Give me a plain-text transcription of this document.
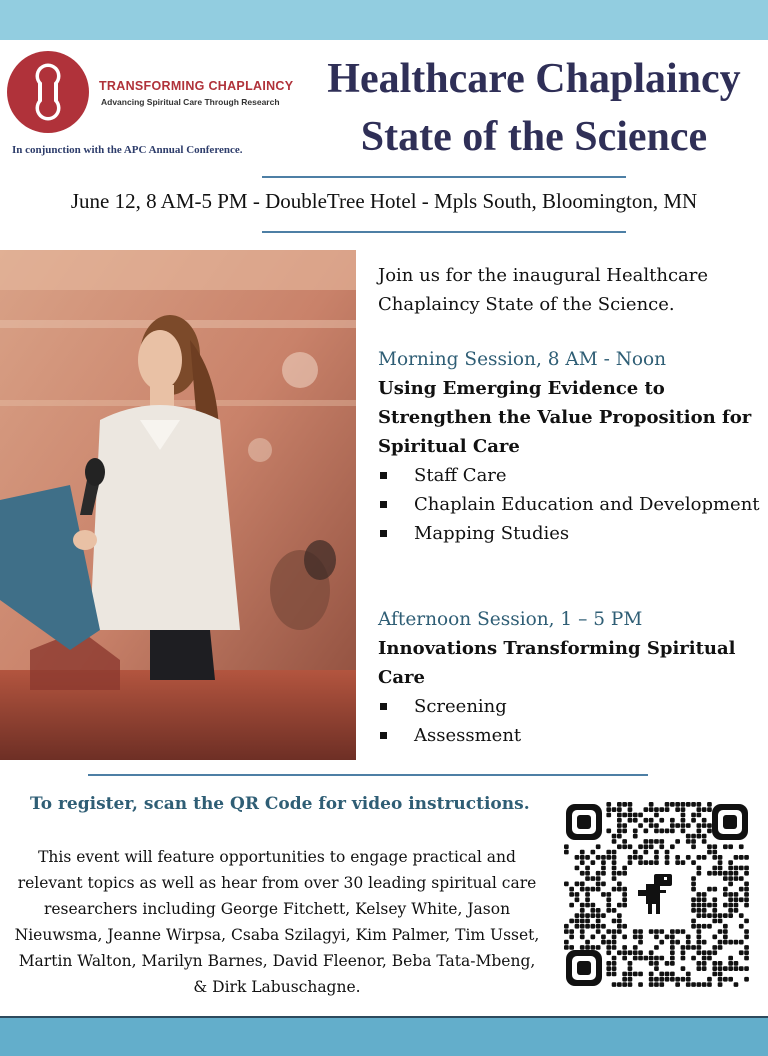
TRANSFORMING CHAPLAINCY
Advancing Spiritual Care Through Research
In conjunction with the APC Annual Conference.
Healthcare Chaplaincy
State of the Science
June 12, 8 AM-5 PM - DoubleTree Hotel - Mpls South, Bloomington, MN
Join us for the inaugural Healthcare Chaplaincy State of the Science.
Morning Session, 8 AM - Noon
Using Emerging Evidence to Strengthen the Value Proposition for Spiritual Care
Staff Care
Chaplain Education and Development
Mapping Studies
Afternoon Session, 1 – 5 PM
Innovations Transforming Spiritual Care
Screening
Assessment
To register, scan the QR Code for video instructions.
This event will feature opportunities to engage practical and relevant topics as well as hear from over 30 leading spiritual care researchers including George Fitchett, Kelsey White, Jason Nieuwsma, Jeanne Wirpsa, Csaba Szilagyi, Kim Palmer, Tim Usset, Martin Walton, Marilyn Barnes, David Fleenor, Beba Tata-Mbeng, & Dirk Labuschagne.
